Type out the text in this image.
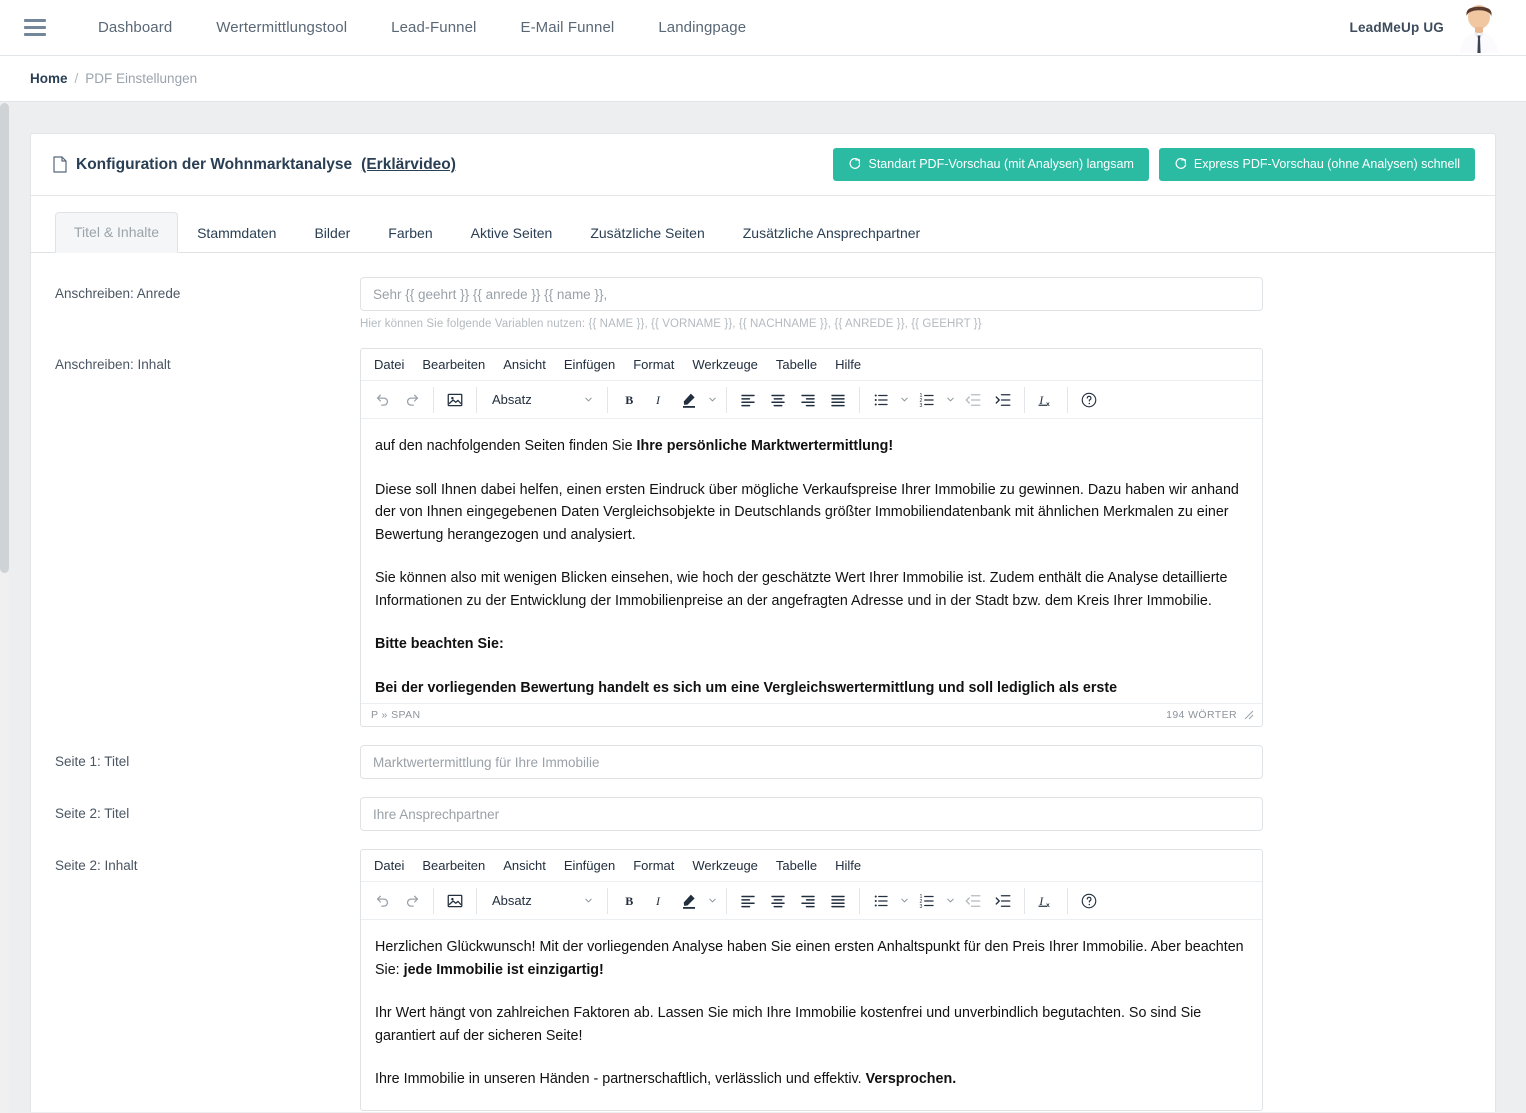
Dashboard	Wertermittlungstool	Lead-Funnel	E-Mail Funnel	Landingpage	LeadMeUp UG
Home / PDF Einstellungen
Konfiguration der Wohnmarktanalyse (Erklärvideo)	Standart PDF-Vorschau (mit Analysen) langsam	Express PDF-Vorschau (ohne Analysen) schnell
Titel & Inhalte	Stammdaten	Bilder	Farben	Aktive Seiten	Zusätzliche Seiten	Zusätzliche Ansprechpartner
Anschreiben: Anrede
Sehr {{ geehrt }} {{ anrede }} {{ name }},
Hier können Sie folgende Variablen nutzen: {{ NAME }}, {{ VORNAME }}, {{ NACHNAME }}, {{ ANREDE }}, {{ GEEHRT }}
Anschreiben: Inhalt	Datei	Bearbeiten	Ansicht	Einfügen	Format	Werkzeuge	Tabelle	Hilfe
Absatz	B I	1
2
3	I x

auf den nachfolgenden Seiten finden Sie Ihre persönliche Marktwertermittlung!

Diese soll Ihnen dabei helfen, einen ersten Eindruck über mögliche Verkaufspreise Ihrer Immobilie zu gewinnen. Dazu haben wir anhand der von Ihnen eingegebenen Daten Vergleichsobjekte in Deutschlands größter Immobiliendatenbank mit ähnlichen Merkmalen zu einer Bewertung herangezogen und analysiert.

Sie können also mit wenigen Blicken einsehen, wie hoch der geschätzte Wert Ihrer Immobilie ist. Zudem enthält die Analyse detaillierte Informationen zu der Entwicklung der Immobilienpreise an der angefragten Adresse und in der Stadt bzw. dem Kreis Ihrer Immobilie.

Bitte beachten Sie:

Bei der vorliegenden Bewertung handelt es sich um eine Vergleichswertermittlung und soll lediglich als erste

P » SPAN	194 WÖRTER
Seite 1: Titel
Marktwertermittlung für Ihre Immobilie
Seite 2: Titel
Ihre Ansprechpartner
Seite 2: Inhalt	Datei	Bearbeiten	Ansicht	Einfügen	Format	Werkzeuge	Tabelle	Hilfe
Absatz	B I	1
2
3	I x

Herzlichen Glückwunsch! Mit der vorliegenden Analyse haben Sie einen ersten Anhaltspunkt für den Preis Ihrer Immobilie. Aber beachten Sie: jede Immobilie ist einzigartig!

Ihr Wert hängt von zahlreichen Faktoren ab. Lassen Sie mich Ihre Immobilie kostenfrei und unverbindlich begutachten. So sind Sie garantiert auf der sicheren Seite!

Ihre Immobilie in unseren Händen - partnerschaftlich, verlässlich und effektiv. Versprochen.
